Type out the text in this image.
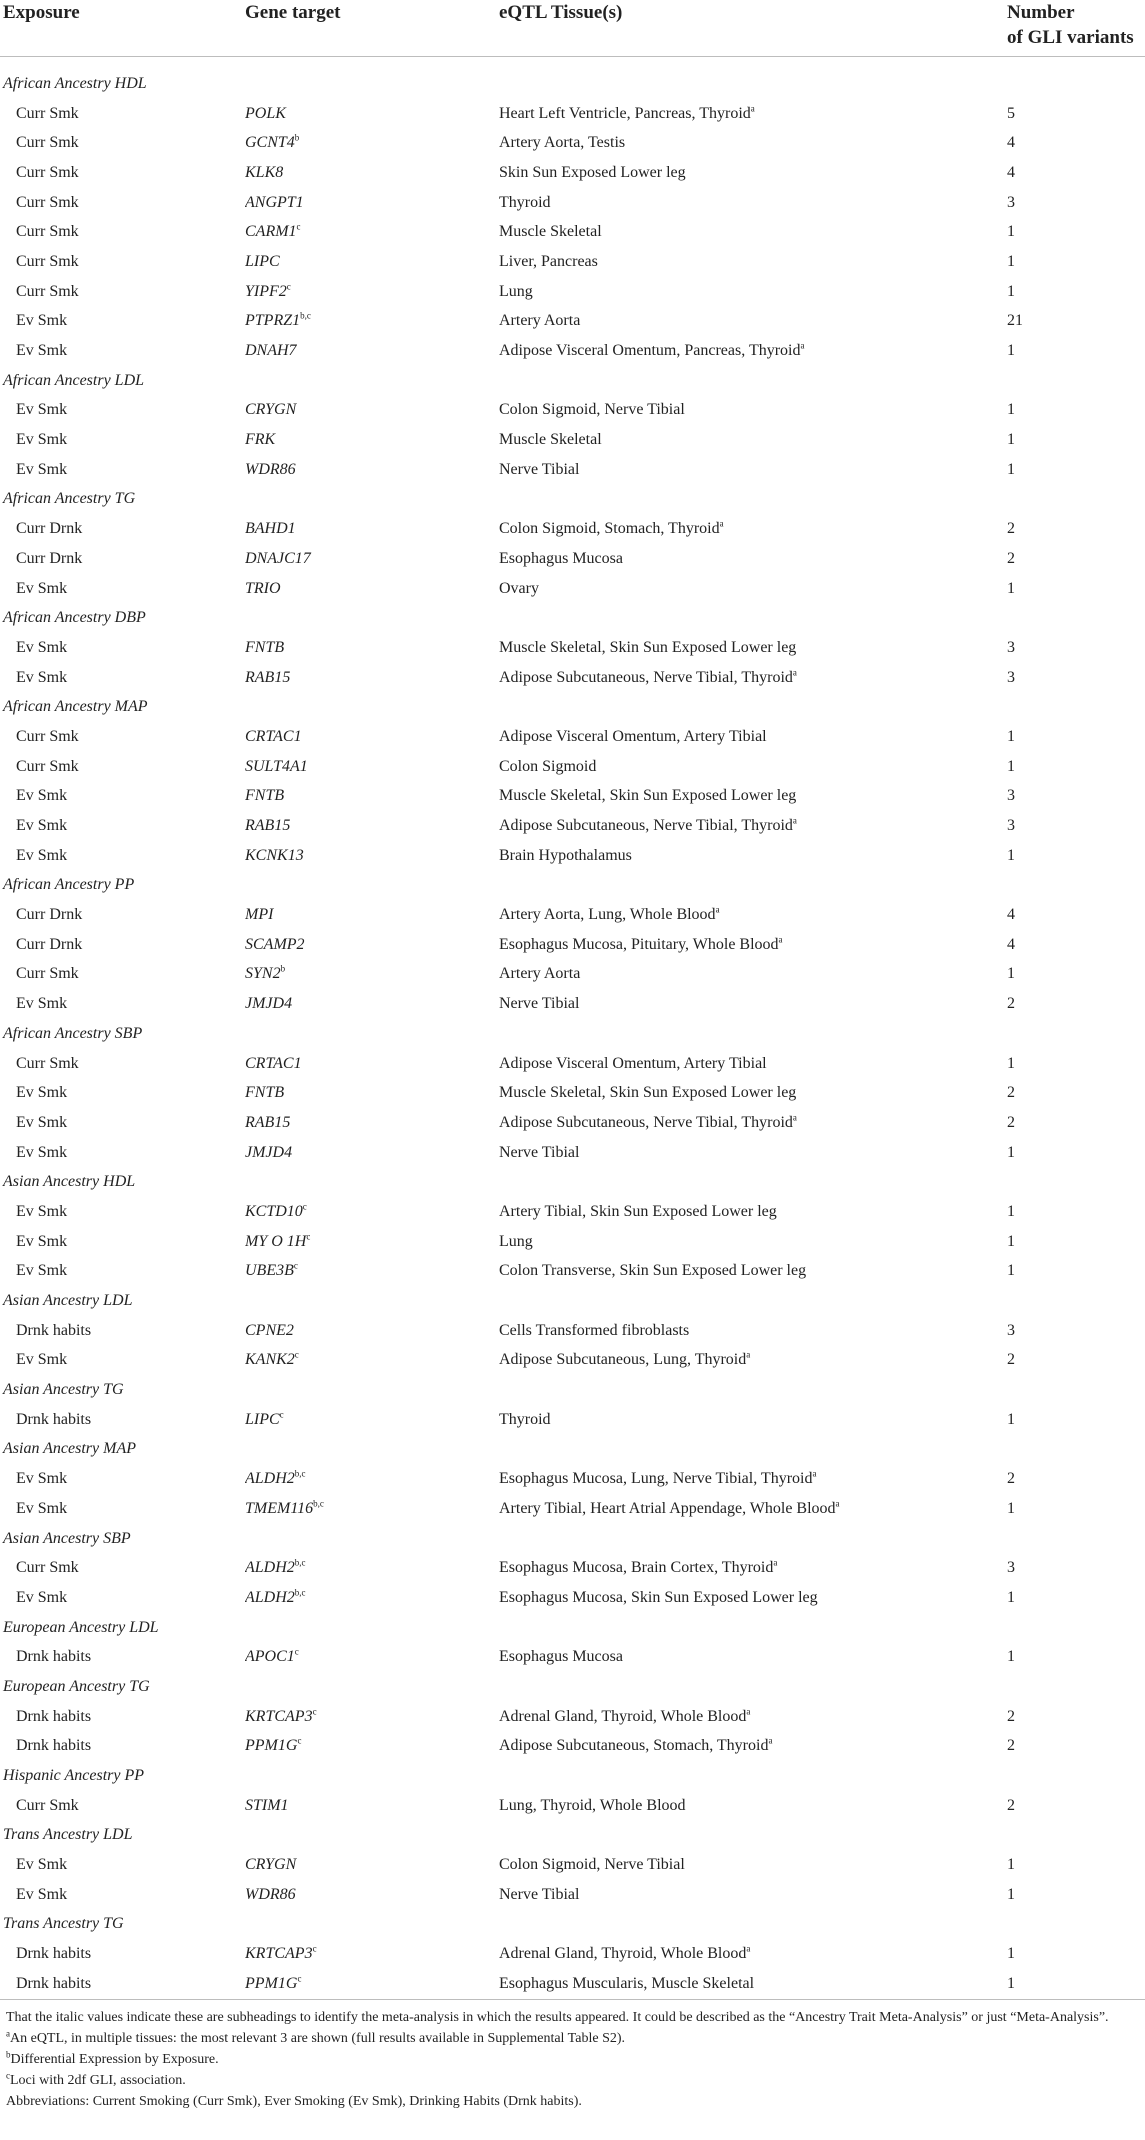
Exposure	Gene target	eQTL Tissue(s)	Number
of GLI variants

African Ancestry HDL			
Curr Smk	POLK	Heart Left Ventricle, Pancreas, Thyroid$^a$	5
Curr Smk	GCNT4$^b$	Artery Aorta, Testis	4
Curr Smk	KLK8	Skin Sun Exposed Lower leg	4
Curr Smk	ANGPT1	Thyroid	3
Curr Smk	CARM1$^c$	Muscle Skeletal	1
Curr Smk	LIPC	Liver, Pancreas	1
Curr Smk	YIPF2$^c$	Lung	1
Ev Smk	PTPRZ1$^{b,c}$	Artery Aorta	21
Ev Smk	DNAH7	Adipose Visceral Omentum, Pancreas, Thyroid$^a$	1
African Ancestry LDL			
Ev Smk	CRYGN	Colon Sigmoid, Nerve Tibial	1
Ev Smk	FRK	Muscle Skeletal	1
Ev Smk	WDR86	Nerve Tibial	1
African Ancestry TG			
Curr Drnk	BAHD1	Colon Sigmoid, Stomach, Thyroid$^a$	2
Curr Drnk	DNAJC17	Esophagus Mucosa	2
Ev Smk	TRIO	Ovary	1
African Ancestry DBP			
Ev Smk	FNTB	Muscle Skeletal, Skin Sun Exposed Lower leg	3
Ev Smk	RAB15	Adipose Subcutaneous, Nerve Tibial, Thyroid$^a$	3
African Ancestry MAP			
Curr Smk	CRTAC1	Adipose Visceral Omentum, Artery Tibial	1
Curr Smk	SULT4A1	Colon Sigmoid	1
Ev Smk	FNTB	Muscle Skeletal, Skin Sun Exposed Lower leg	3
Ev Smk	RAB15	Adipose Subcutaneous, Nerve Tibial, Thyroid$^a$	3
Ev Smk	KCNK13	Brain Hypothalamus	1
African Ancestry PP			
Curr Drnk	MPI	Artery Aorta, Lung, Whole Blood$^a$	4
Curr Drnk	SCAMP2	Esophagus Mucosa, Pituitary, Whole Blood$^a$	4
Curr Smk	SYN2$^b$	Artery Aorta	1
Ev Smk	JMJD4	Nerve Tibial	2
African Ancestry SBP			
Curr Smk	CRTAC1	Adipose Visceral Omentum, Artery Tibial	1
Ev Smk	FNTB	Muscle Skeletal, Skin Sun Exposed Lower leg	2
Ev Smk	RAB15	Adipose Subcutaneous, Nerve Tibial, Thyroid$^a$	2
Ev Smk	JMJD4	Nerve Tibial	1
Asian Ancestry HDL			
Ev Smk	KCTD10$^c$	Artery Tibial, Skin Sun Exposed Lower leg	1
Ev Smk	MY O $1H^c$	Lung	1
Ev Smk	$UBE3B^c$	Colon Transverse, Skin Sun Exposed Lower leg	1
Asian Ancestry LDL			
Drnk habits	CPNE2	Cells Transformed fibroblasts	3
Ev Smk	KANK2$^c$	Adipose Subcutaneous, Lung, Thyroid$^a$	2
Asian Ancestry TG			
Drnk habits	LIPC$^c$	Thyroid	1
Asian Ancestry MAP			
Ev Smk	ALDH2$^{b,c}$	Esophagus Mucosa, Lung, Nerve Tibial, Thyroid$^a$	2
Ev Smk	TMEM116$^{b,c}$	Artery Tibial, Heart Atrial Appendage, Whole Blood$^a$	1
Asian Ancestry SBP			
Curr Smk	ALDH2$^{b,c}$	Esophagus Mucosa, Brain Cortex, Thyroid$^a$	3
Ev Smk	ALDH2$^{b,c}$	Esophagus Mucosa, Skin Sun Exposed Lower leg	1
European Ancestry LDL			
Drnk habits	APOC1$^c$	Esophagus Mucosa	1
European Ancestry TG			
Drnk habits	KRTCAP3$^c$	Adrenal Gland, Thyroid, Whole Blood$^a$	2
Drnk habits	$PPM1G^c$	Adipose Subcutaneous, Stomach, Thyroid$^a$	2
Hispanic Ancestry PP			
Curr Smk	STIM1	Lung, Thyroid, Whole Blood	2
Trans Ancestry LDL			
Ev Smk	CRYGN	Colon Sigmoid, Nerve Tibial	1
Ev Smk	WDR86	Nerve Tibial	1
Trans Ancestry TG			
Drnk habits	KRTCAP3$^c$	Adrenal Gland, Thyroid, Whole Blood$^a$	1
Drnk habits	$PPM1G^c$	Esophagus Muscularis, Muscle Skeletal	1

That the italic values indicate these are subheadings to identify the meta-analysis in which the results appeared. It could be described as the “Ancestry Trait Meta-Analysis” or just “Meta-Analysis”.

$^a$An eQTL, in multiple tissues: the most relevant 3 are shown (full results available in Supplemental Table S2).

$^b$Differential Expression by Exposure.

$^c$Loci with 2df GLI, association.

Abbreviations: Current Smoking (Curr Smk), Ever Smoking (Ev Smk), Drinking Habits (Drnk habits).
